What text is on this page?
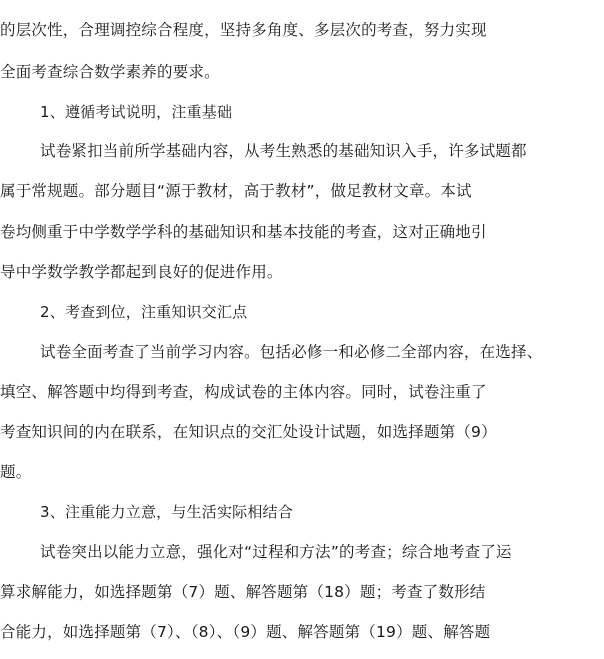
的层次性，合理调控综合程度，坚持多角度、多层次的考查，努力实现
全面考查综合数学素养的要求。
1、遵循考试说明，注重基础
试卷紧扣当前所学基础内容，从考生熟悉的基础知识入手，许多试题都
属于常规题。部分题目“源于教材，高于教材”，做足教材文章。本试
卷均侧重于中学数学学科的基础知识和基本技能的考查，这对正确地引
导中学数学教学都起到良好的促进作用。
2、考查到位，注重知识交汇点
试卷全面考查了当前学习内容。包括必修一和必修二全部内容，在选择、
填空、解答题中均得到考查，构成试卷的主体内容。同时，试卷注重了
考查知识间的内在联系，在知识点的交汇处设计试题，如选择题第（9）
题。
3、注重能力立意，与生活实际相结合
试卷突出以能力立意，强化对“过程和方法”的考查；综合地考查了运
算求解能力，如选择题第（7）题、解答题第（18）题；考查了数形结
合能力，如选择题第（7）、（8）、（9）题、解答题第（19）题、解答题
